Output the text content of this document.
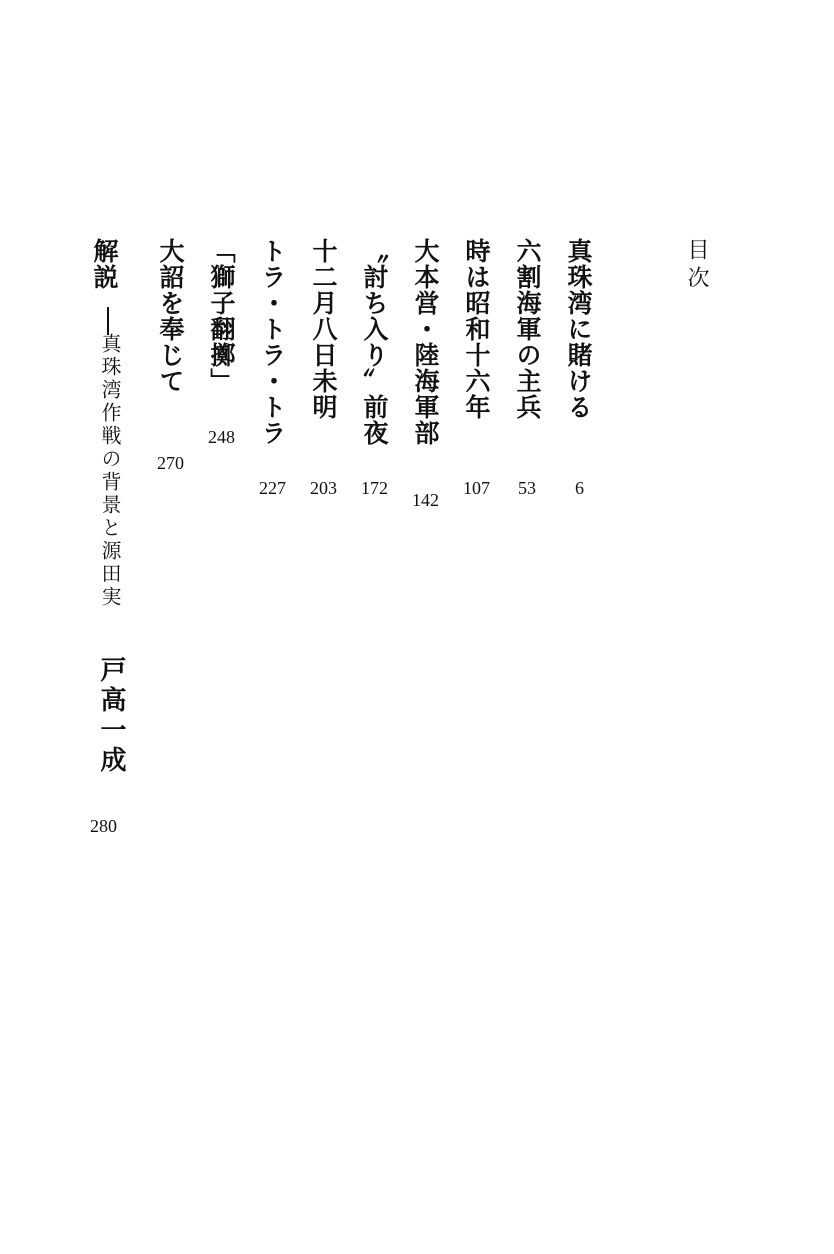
目次
真珠湾に賭ける
6
六割海軍の主兵
53
時は昭和十六年
107
大本営・陸海軍部
142
〝討ち入り〟前夜
172
十二月八日未明
203
トラ・トラ・トラ
227
「獅子翻擲」
248
大詔を奉じて
270
解説
真珠湾作戦の背景と源田実
戸高一成
280
